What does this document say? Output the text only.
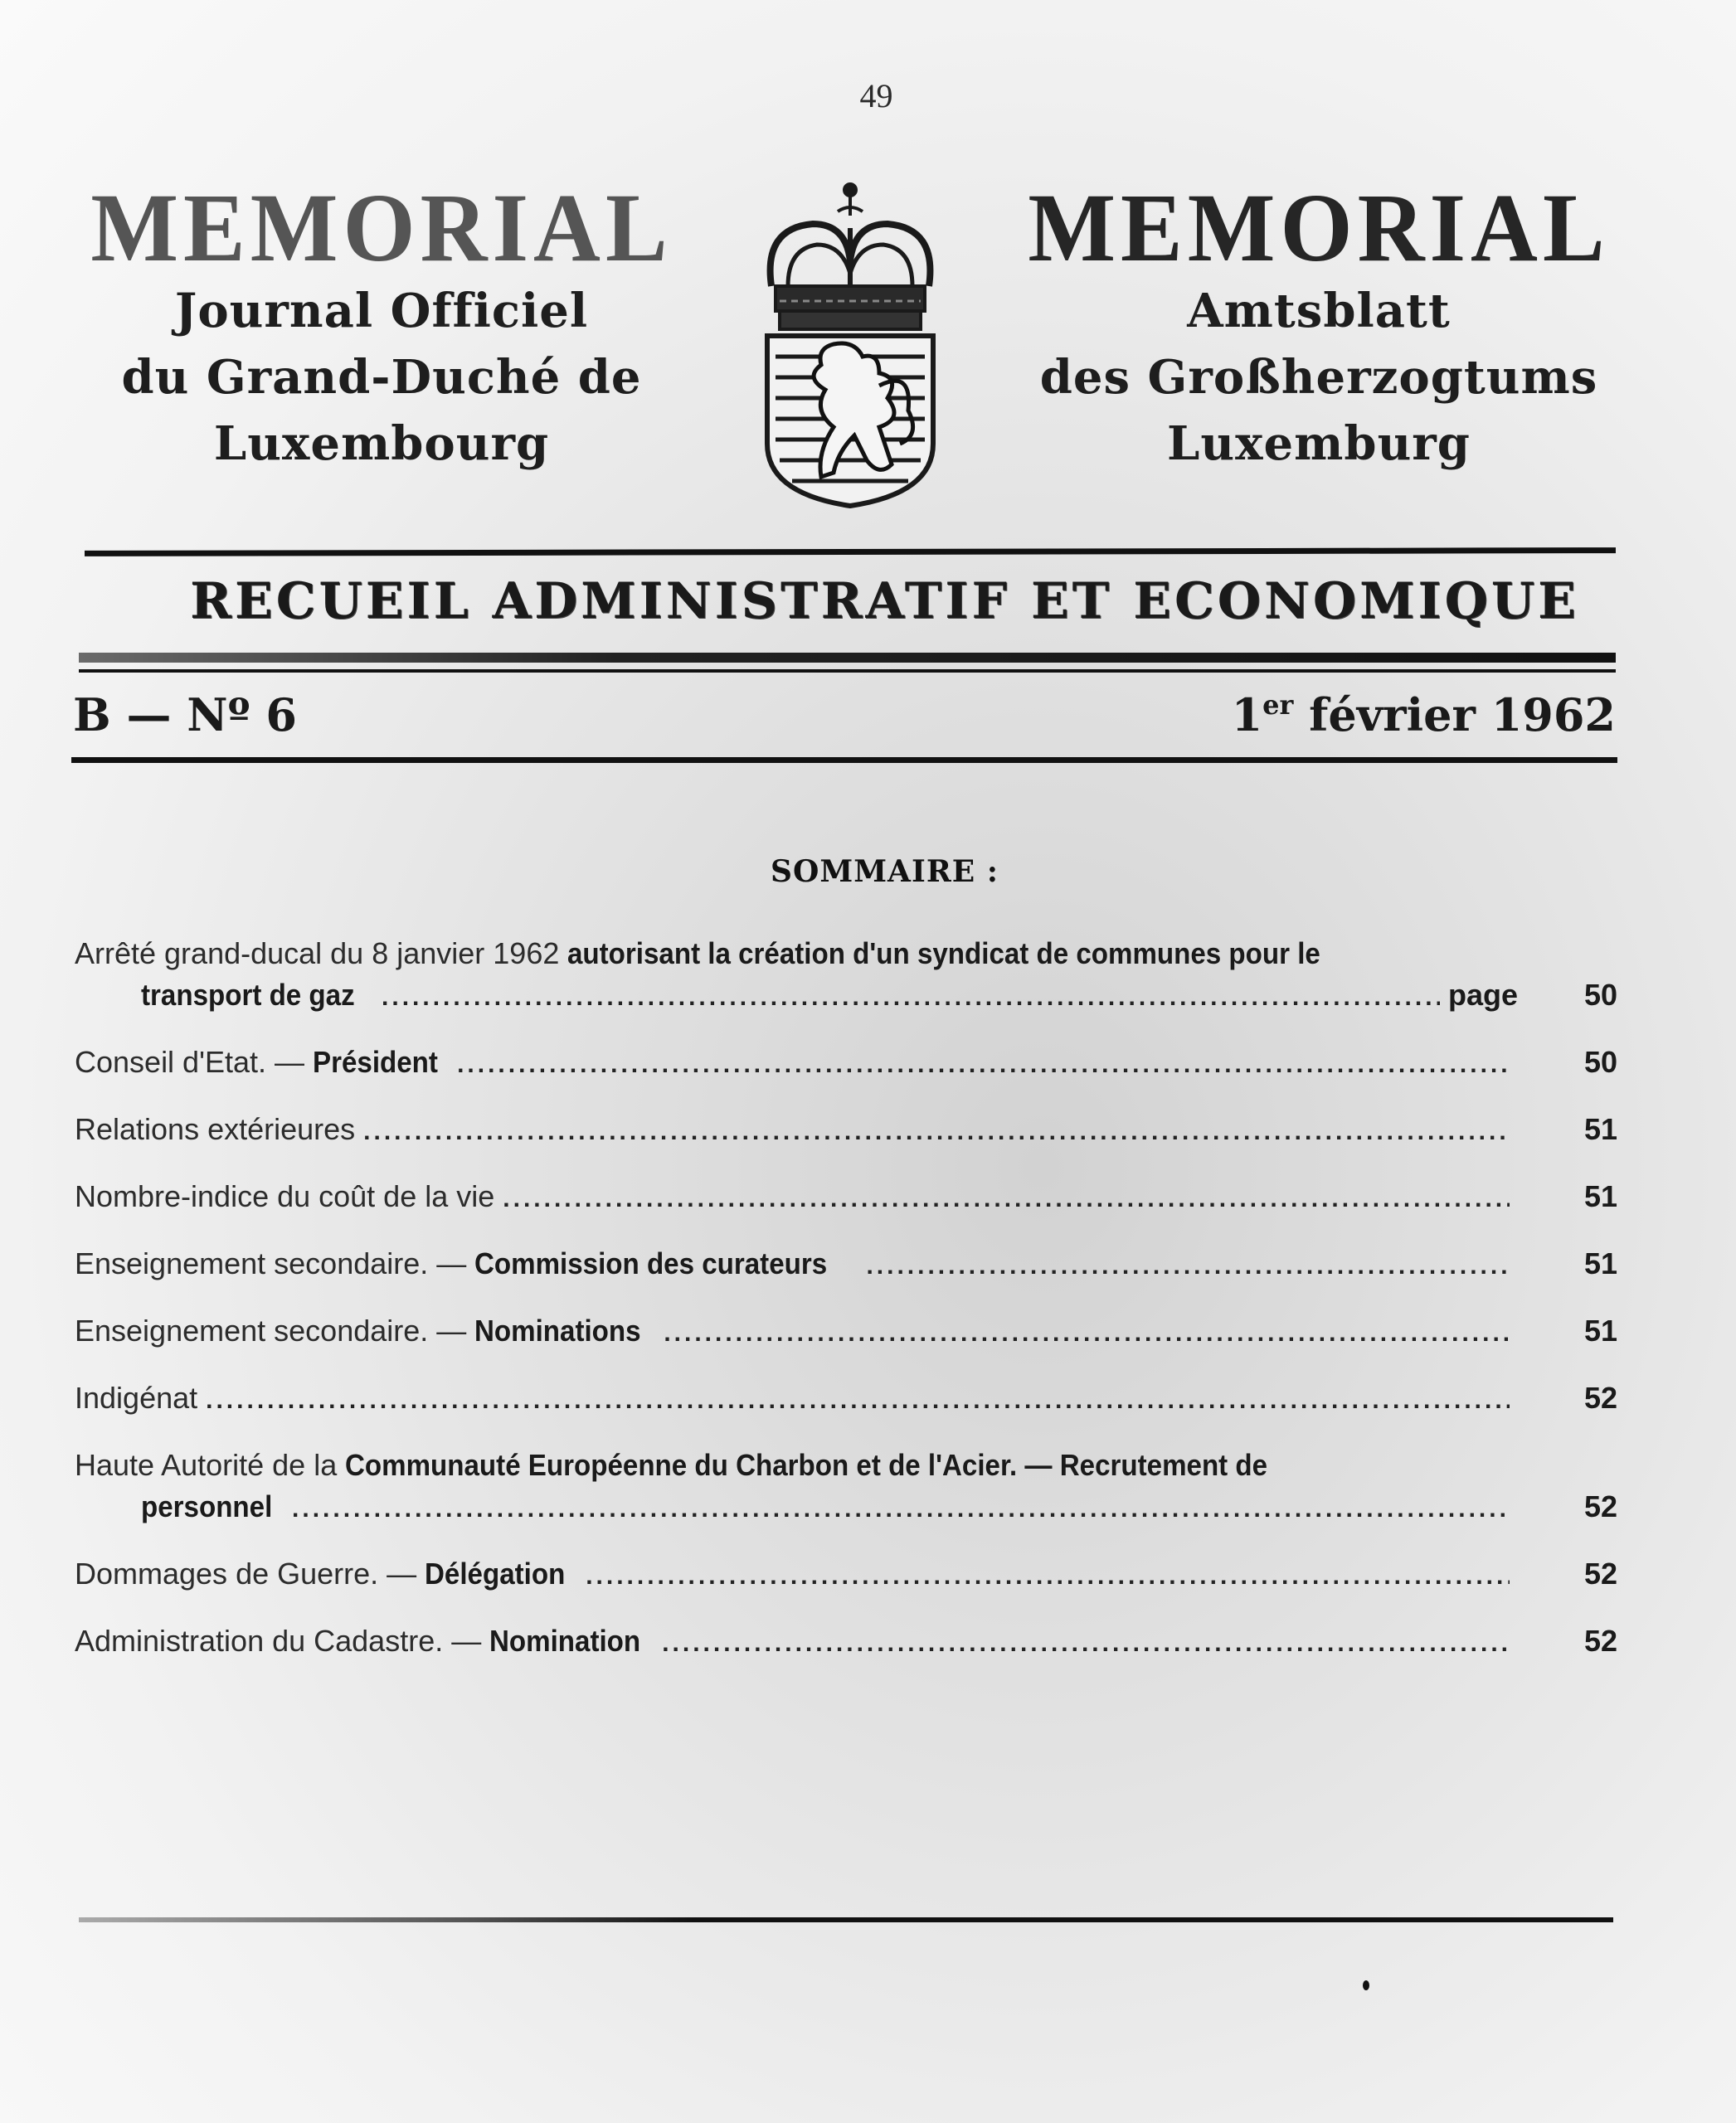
49

MEMORIAL

Journal Officiel

du Grand-Duché de

Luxembourg

MEMORIAL

Amtsblatt

des Großherzogtums

Luxemburg

RECUEIL ADMINISTRATIF ET ECONOMIQUE
B — Nº 6	1er février 1962
SOMMAIRE :
Arrêté grand-ducal du 8 janvier 1962
autorisant la création d'un syndicat de communes pour le
transport de gaz .....	page	50
Conseil d'Etat. —
Président .....	50
Relations extérieures .....	51
Nombre-indice du coût de la vie .....	51
Enseignement secondaire. —
Commission des curateurs .....	51
Enseignement secondaire. —
Nominations .....	51
Indigénat .....	52
Haute Autorité de la
Communauté Européenne du Charbon et de l'Acier. — Recrutement de
personnel .....	52
Dommages de Guerre. —
Délégation .....	52
Administration du Cadastre. —
Nomination .....	52
